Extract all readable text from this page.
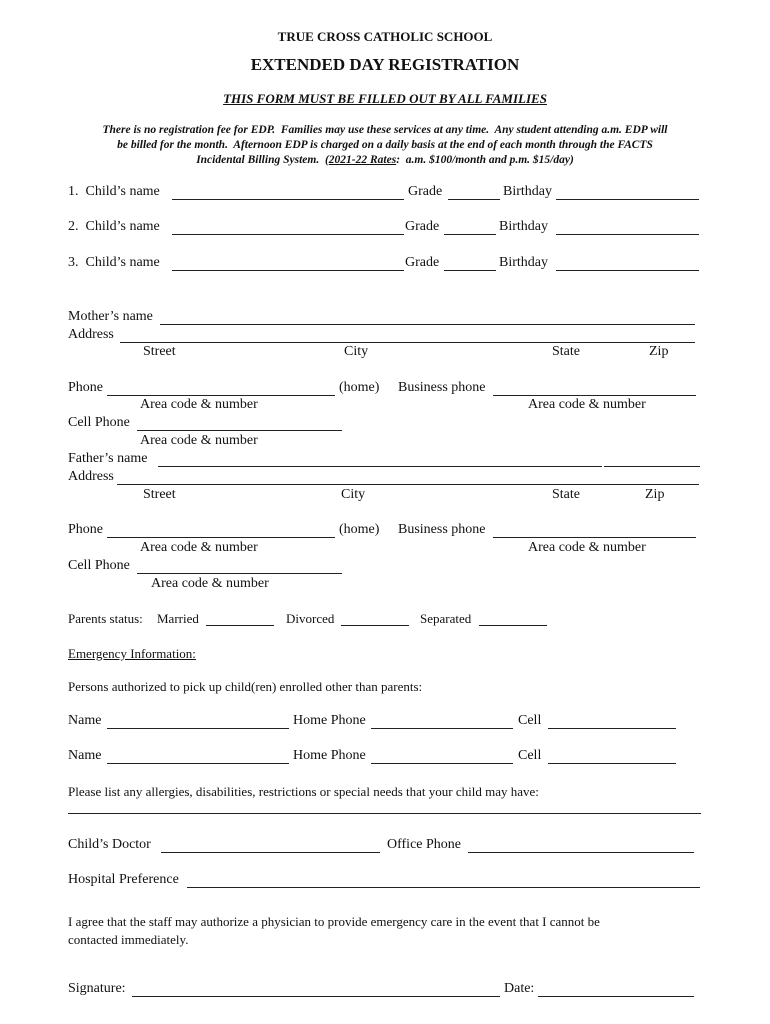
TRUE CROSS CATHOLIC SCHOOL
EXTENDED DAY REGISTRATION
THIS FORM MUST BE FILLED OUT BY ALL FAMILIES
There is no registration fee for EDP.  Families may use these services at any time.  Any student attending a.m. EDP will
be billed for the month.  Afternoon EDP is charged on a daily basis at the end of each month through the FACTS
Incidental Billing System.  (2021-22 Rates:  a.m. $100/month and p.m. $15/day)
1.  Child’s name	Grade	Birthday
2.  Child’s name	Grade	Birthday
3.  Child’s name	Grade	Birthday
Mother’s name
Address
Street	City	State	Zip
Phone	(home) Business phone
Area code & number	Area code & number
Cell Phone
Area code & number
Father’s name
Address
Street	City	State	Zip
Phone	(home) Business phone
Area code & number	Area code & number
Cell Phone
Area code & number
Parents status: Married	Divorced	Separated
Emergency Information:
Persons authorized to pick up child(ren) enrolled other than parents:
Name	Home Phone	Cell
Name	Home Phone	Cell
Please list any allergies, disabilities, restrictions or special needs that your child may have:
Child’s Doctor	Office Phone
Hospital Preference
I agree that the staff may authorize a physician to provide emergency care in the event that I cannot be
contacted immediately.
Signature:	Date:
